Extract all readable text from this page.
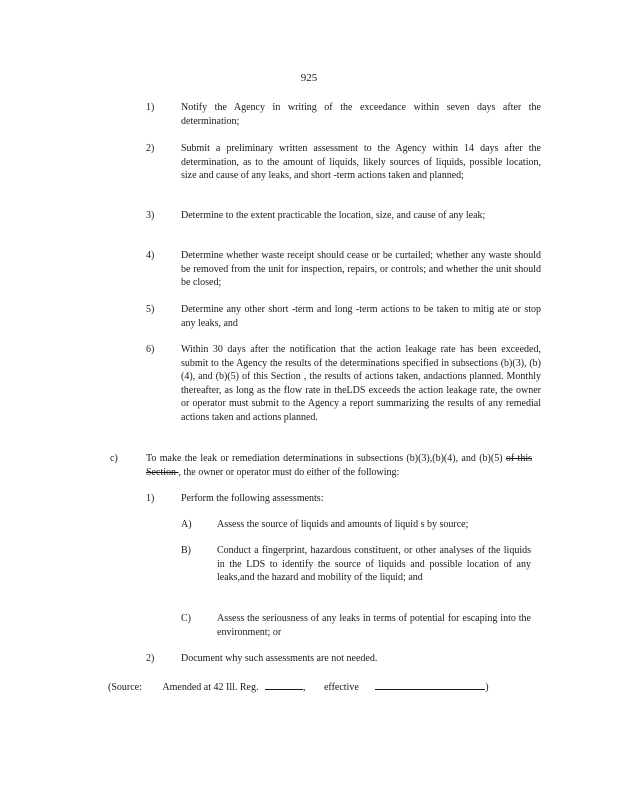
925
1)	Notify the Agency in writing of the exceedance within seven days after the determination;
2)	Submit a preliminary written assessment to the Agency within 14 days after the determination, as to the amount of liquids, likely sources of liquids, possible location, size and cause of any leaks, and short -term actions taken and planned;
3)	Determine to the extent practicable the location, size, and cause of any leak;
4)	Determine whether waste receipt should cease or be curtailed; whether any waste should be removed from the unit for inspection, repairs, or controls; and whether the unit should be closed;
5)	Determine any other short -term and long -term actions to be taken to mitig ate or stop any leaks, and
6)	Within 30 days after the notification that the action leakage rate has been exceeded, submit to the Agency the results of the determinations specified in subsections (b)(3), (b)(4), and (b)(5) of this Section , the results of actions taken, andactions planned. Monthly thereafter, as long as the flow rate in theLDS exceeds the action leakage rate, the owner or operator must submit to the Agency a report summarizing the results of any remedial actions taken and actions planned.
c)	To make the leak or remediation determinations in subsections (b)(3),(b)(4), and (b)(5) of this Section , the owner or operator must do either of the following:
1)	Perform the following assessments:
A)	Assess the source of liquids and amounts of liquid s by source;
B)	Conduct a fingerprint, hazardous constituent, or other analyses of the liquids in the LDS to identify the source of liquids and possible location of any leaks,and the hazard and mobility of the liquid; and
C)	Assess the seriousness of any leaks in terms of potential for escaping into the environment; or
2)	Document why such assessments are not needed.
(Source: Amended at 42 Ill. Reg.	, effective	)
